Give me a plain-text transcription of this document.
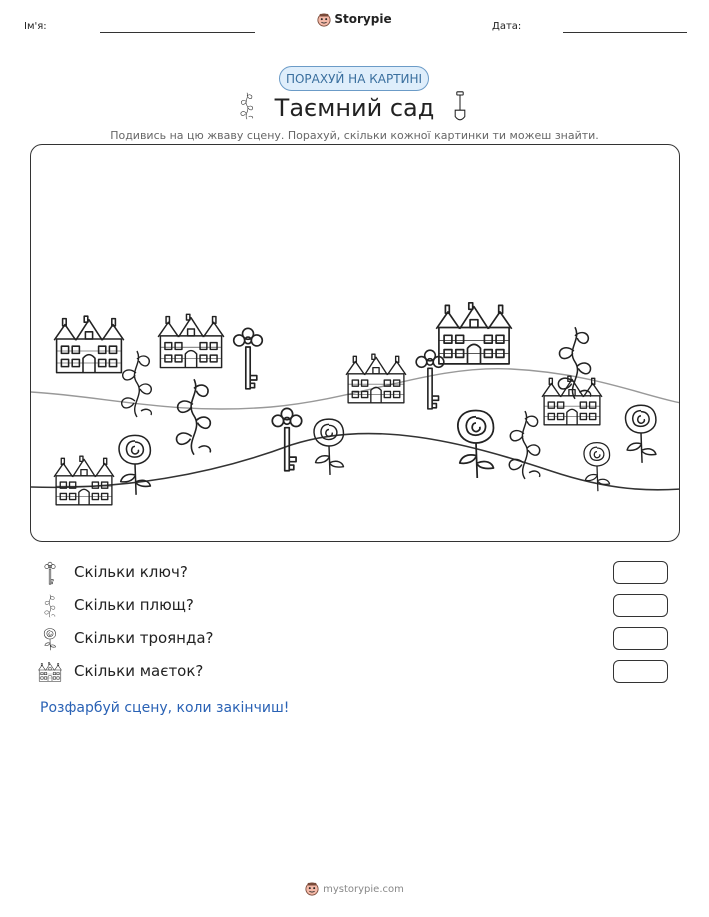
Ім'я:
Storypie
Дата:
ПОРАХУЙ НА КАРТИНІ
Таємний сад
Подивись на цю жваву сцену. Порахуй, скільки кожної картинки ти можеш знайти.
Скільки ключ?
Скільки плющ?
Скільки троянда?
Скільки маєток?
Розфарбуй сцену, коли закінчиш!
mystorypie.com
